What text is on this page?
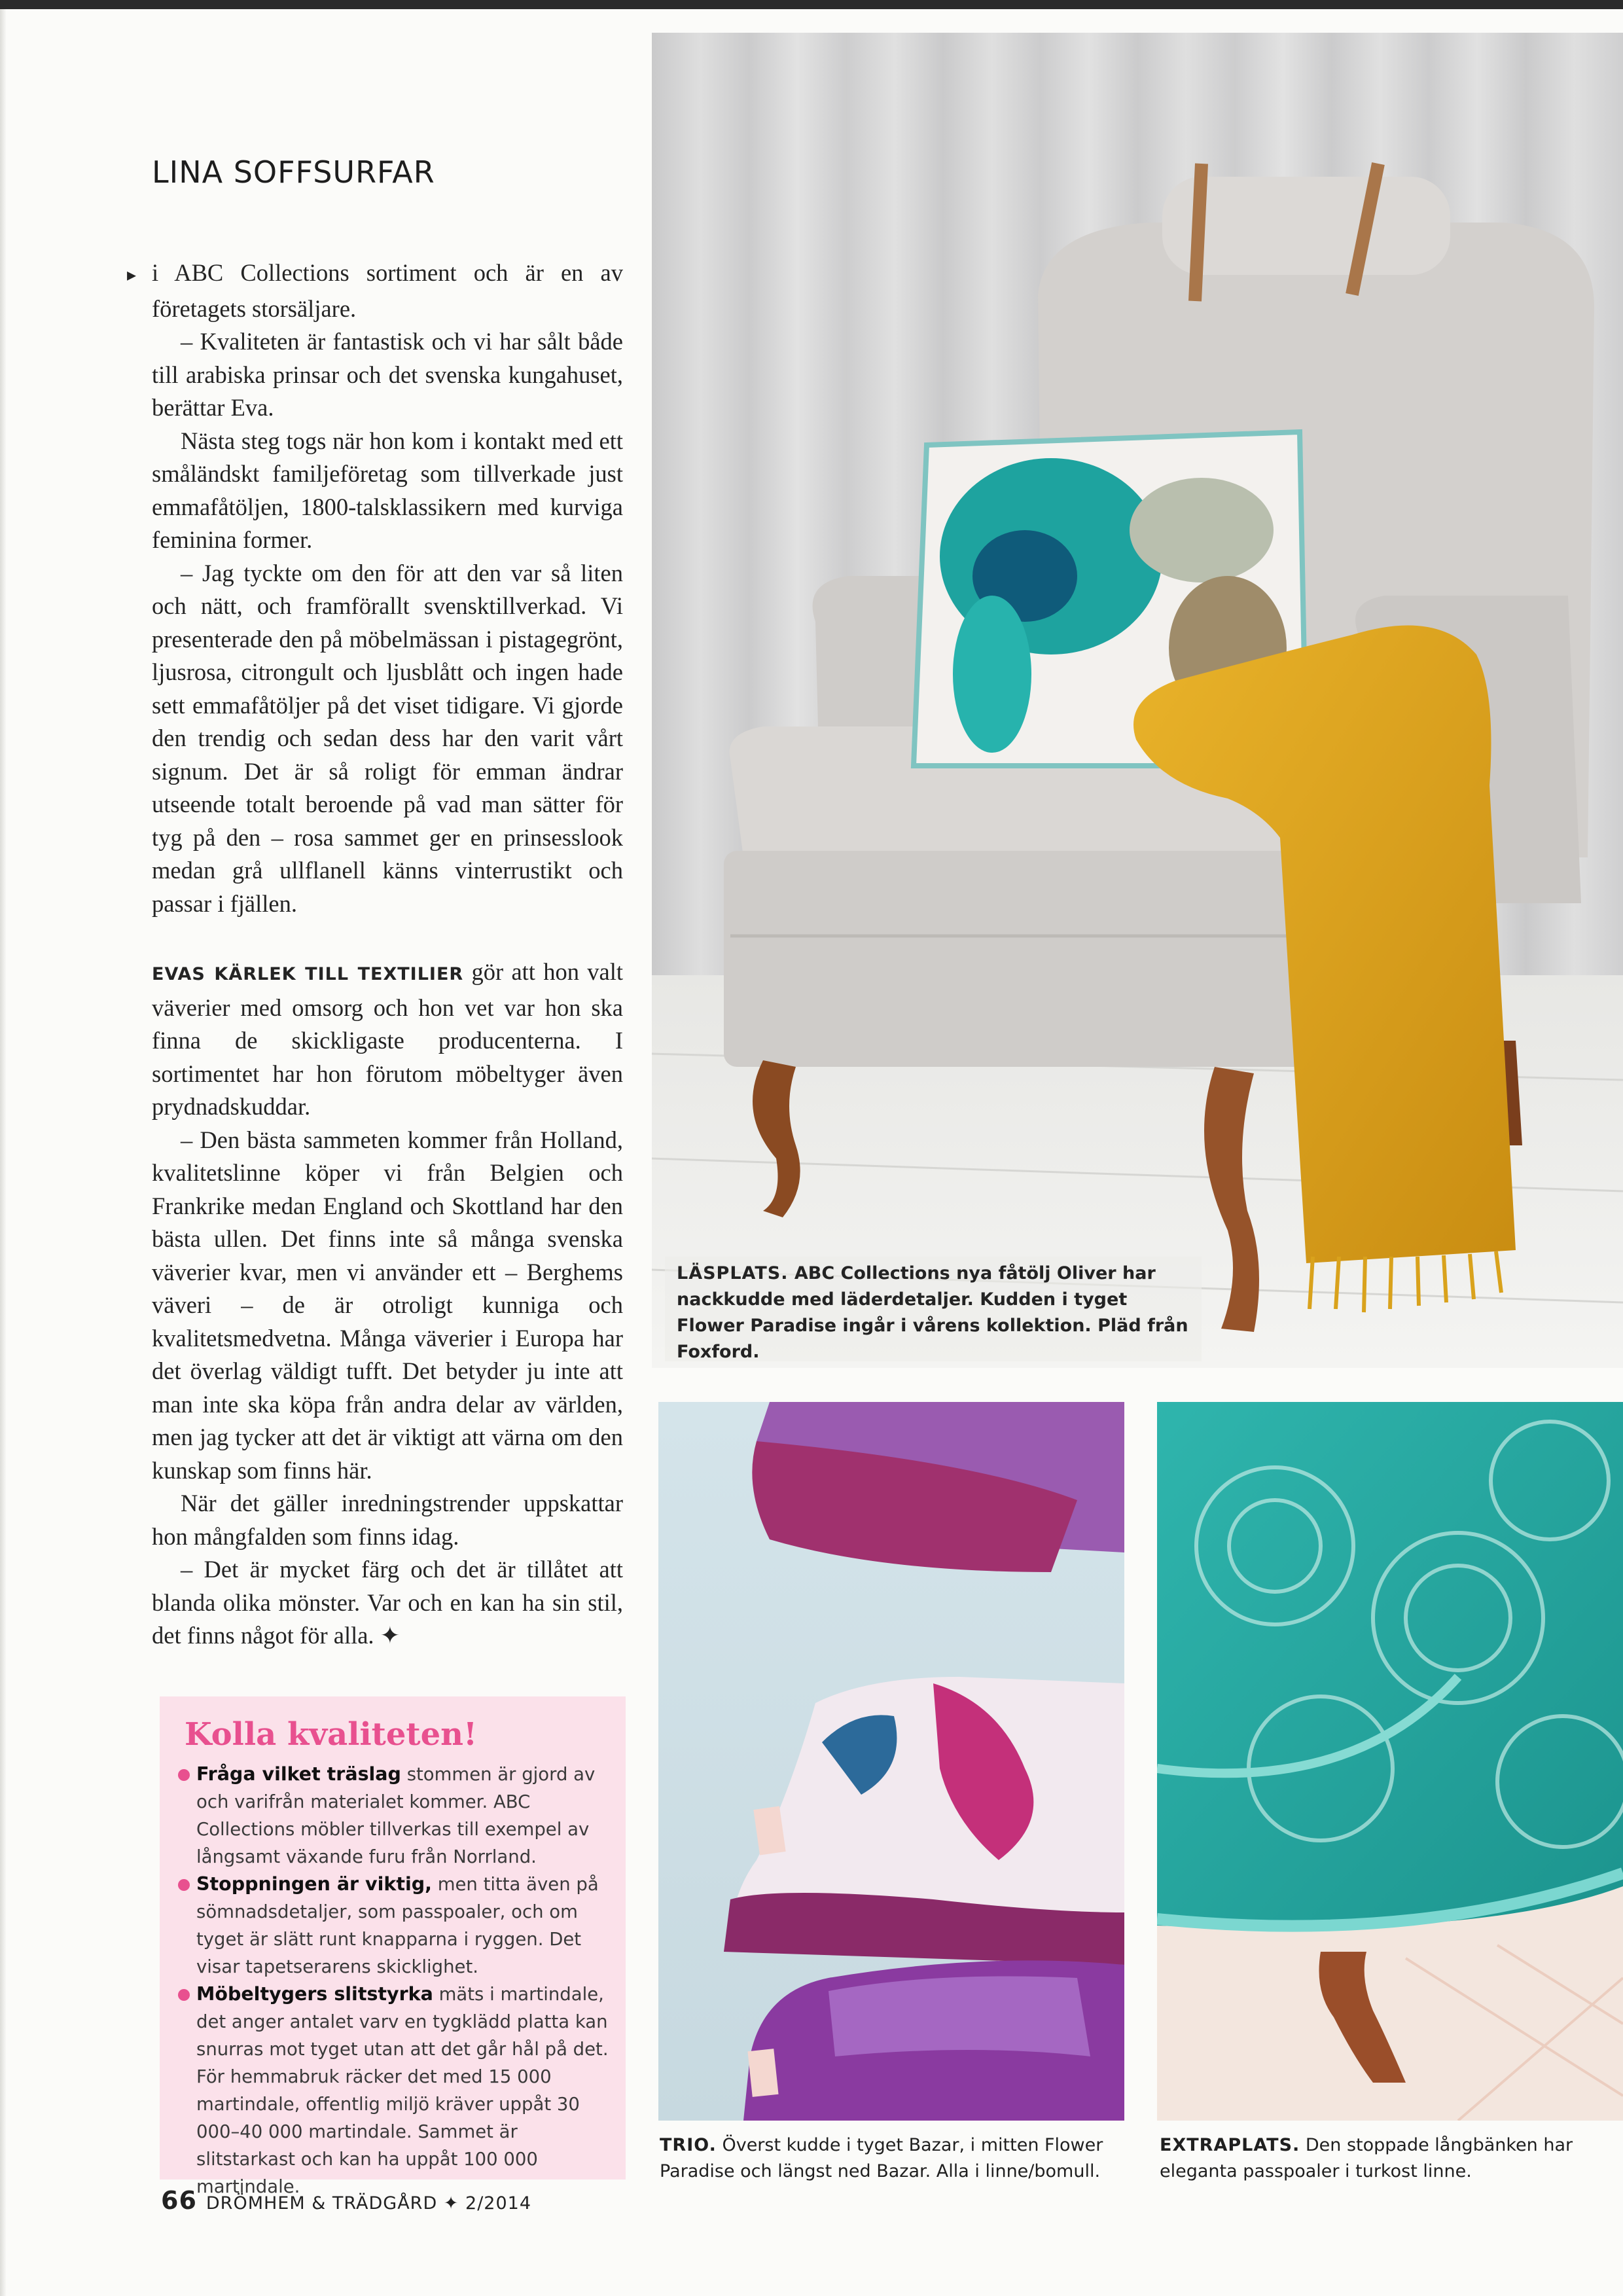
LINA SOFFSURFAR

▸ i ABC Collections sortiment och är en av företagets storsäljare.

– Kvaliteten är fantastisk och vi har sålt både till arabiska prinsar och det svenska kungahuset, berättar Eva.

Nästa steg togs när hon kom i kontakt med ett småländskt familjeföretag som tillverkade just emmafåtöljen, 1800-talsklassikern med kurviga feminina former.

– Jag tyckte om den för att den var så liten och nätt, och framförallt svensktillverkad. Vi presenterade den på möbelmässan i pistagegrönt, ljusrosa, citrongult och ljusblått och ingen hade sett emmafåtöljer på det viset tidigare. Vi gjorde den trendig och sedan dess har den varit vårt signum. Det är så roligt för emman ändrar utseende totalt beroende på vad man sätter för tyg på den – rosa sammet ger en prinsesslook medan grå ullflanell känns vinterrustikt och passar i fjällen.

EVAS KÄRLEK TILL TEXTILIER gör att hon valt väverier med omsorg och hon vet var hon ska finna de skickligaste producenterna. I sortimentet har hon förutom möbeltyger även prydnadskuddar.

– Den bästa sammeten kommer från Holland, kvalitetslinne köper vi från Belgien och Frankrike medan England och Skottland har den bästa ullen. Det finns inte så många svenska väverier kvar, men vi använder ett – Berghems väveri – de är otroligt kunniga och kvalitetsmedvetna. Många väverier i Europa har det överlag väldigt tufft. Det betyder ju inte att man inte ska köpa från andra delar av världen, men jag tycker att det är viktigt att värna om den kunskap som finns här.

När det gäller inredningstrender uppskattar hon mångfalden som finns idag.

– Det är mycket färg och det är tillåtet att blanda olika mönster. Var och en kan ha sin stil, det finns något för alla. ✦

Kolla kvaliteten!
Fråga vilket träslag stommen är gjord av och varifrån materialet kommer. ABC Collections möbler tillverkas till exempel av långsamt växande furu från Norrland.
Stoppningen är viktig, men titta även på sömnadsdetaljer, som passpoaler, och om tyget är slätt runt knapparna i ryggen. Det visar tapetserarens skicklighet.
Möbeltygers slitstyrka mäts i martindale, det anger antalet varv en tygklädd platta kan snurras mot tyget utan att det går hål på det. För hemmabruk räcker det med 15 000 martindale, offentlig miljö kräver uppåt 30 000–40 000 martindale. Sammet är slitstarkast och kan ha uppåt 100 000 martindale.

LÄSPLATS. ABC Collections nya fåtölj Oliver har nackkudde med läderdetaljer. Kudden i tyget Flower Paradise ingår i vårens kollektion. Pläd från Foxford.

TRIO. Överst kudde i tyget Bazar, i mitten Flower Paradise och längst ned Bazar. Alla i linne/bomull.

EXTRAPLATS. Den stoppade långbänken har eleganta passpoaler i turkost linne.

66 DRÖMHEM & TRÄDGÅRD ✦ 2/2014
